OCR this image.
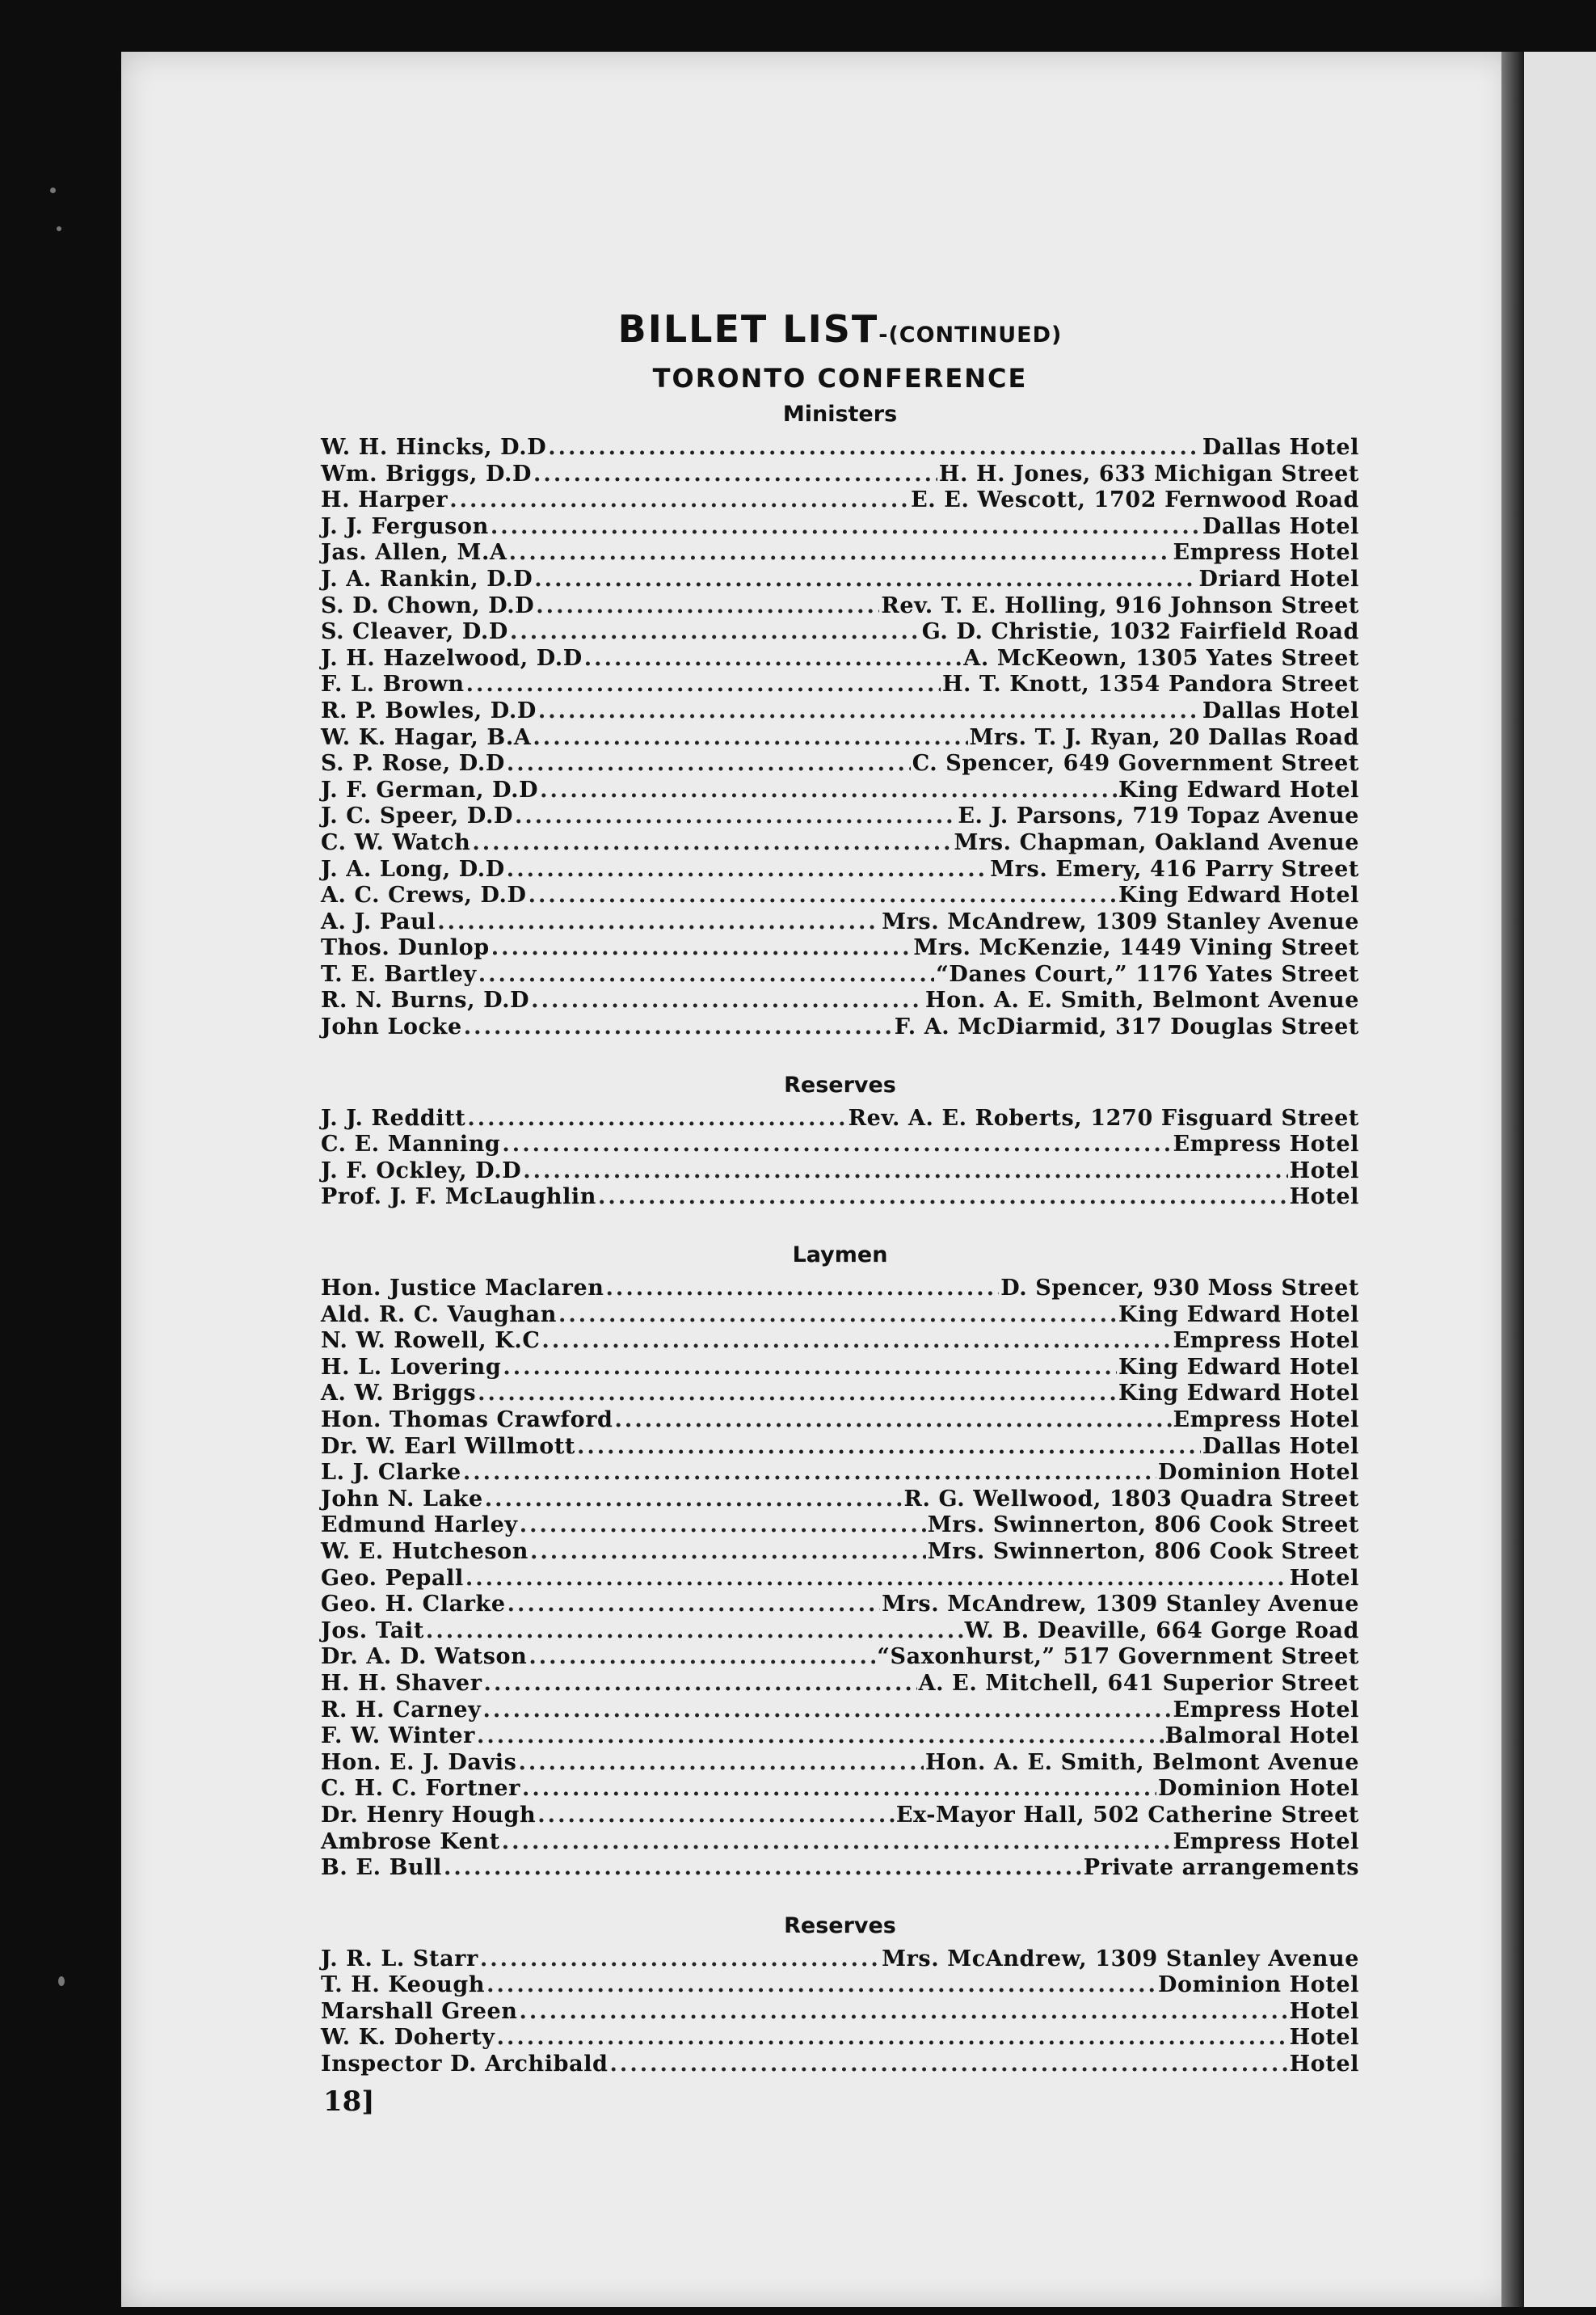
BILLET LIST-(CONTINUED)
TORONTO CONFERENCE
Ministers
W. H. Hincks, D.D .....	Dallas Hotel
Wm. Briggs, D.D .....	H. H. Jones, 633 Michigan Street
H. Harper .....	E. E. Wescott, 1702 Fernwood Road
J. J. Ferguson .....	Dallas Hotel
Jas. Allen, M.A .....	Empress Hotel
J. A. Rankin, D.D .....	Driard Hotel
S. D. Chown, D.D .....	Rev. T. E. Holling, 916 Johnson Street
S. Cleaver, D.D .....	G. D. Christie, 1032 Fairfield Road
J. H. Hazelwood, D.D .....	A. McKeown, 1305 Yates Street
F. L. Brown .....	H. T. Knott, 1354 Pandora Street
R. P. Bowles, D.D .....	Dallas Hotel
W. K. Hagar, B.A .....	Mrs. T. J. Ryan, 20 Dallas Road
S. P. Rose, D.D .....	C. Spencer, 649 Government Street
J. F. German, D.D .....	King Edward Hotel
J. C. Speer, D.D .....	E. J. Parsons, 719 Topaz Avenue
C. W. Watch .....	Mrs. Chapman, Oakland Avenue
J. A. Long, D.D .....	Mrs. Emery, 416 Parry Street
A. C. Crews, D.D .....	King Edward Hotel
A. J. Paul .....	Mrs. McAndrew, 1309 Stanley Avenue
Thos. Dunlop .....	Mrs. McKenzie, 1449 Vining Street
T. E. Bartley .....	“Danes Court,” 1176 Yates Street
R. N. Burns, D.D .....	Hon. A. E. Smith, Belmont Avenue
John Locke .....	F. A. McDiarmid, 317 Douglas Street
Reserves
J. J. Redditt .....	Rev. A. E. Roberts, 1270 Fisguard Street
C. E. Manning .....	Empress Hotel
J. F. Ockley, D.D .....	Hotel
Prof. J. F. McLaughlin .....	Hotel
Laymen
Hon. Justice Maclaren .....	D. Spencer, 930 Moss Street
Ald. R. C. Vaughan .....	King Edward Hotel
N. W. Rowell, K.C .....	Empress Hotel
H. L. Lovering .....	King Edward Hotel
A. W. Briggs .....	King Edward Hotel
Hon. Thomas Crawford .....	Empress Hotel
Dr. W. Earl Willmott .....	Dallas Hotel
L. J. Clarke .....	Dominion Hotel
John N. Lake .....	R. G. Wellwood, 1803 Quadra Street
Edmund Harley .....	Mrs. Swinnerton, 806 Cook Street
W. E. Hutcheson .....	Mrs. Swinnerton, 806 Cook Street
Geo. Pepall .....	Hotel
Geo. H. Clarke .....	Mrs. McAndrew, 1309 Stanley Avenue
Jos. Tait .....	W. B. Deaville, 664 Gorge Road
Dr. A. D. Watson .....	“Saxonhurst,” 517 Government Street
H. H. Shaver .....	A. E. Mitchell, 641 Superior Street
R. H. Carney .....	Empress Hotel
F. W. Winter .....	Balmoral Hotel
Hon. E. J. Davis .....	Hon. A. E. Smith, Belmont Avenue
C. H. C. Fortner .....	Dominion Hotel
Dr. Henry Hough .....	Ex-Mayor Hall, 502 Catherine Street
Ambrose Kent .....	Empress Hotel
B. E. Bull .....	Private arrangements
Reserves
J. R. L. Starr .....	Mrs. McAndrew, 1309 Stanley Avenue
T. H. Keough .....	Dominion Hotel
Marshall Green .....	Hotel
W. K. Doherty .....	Hotel
Inspector D. Archibald .....	Hotel
18]
